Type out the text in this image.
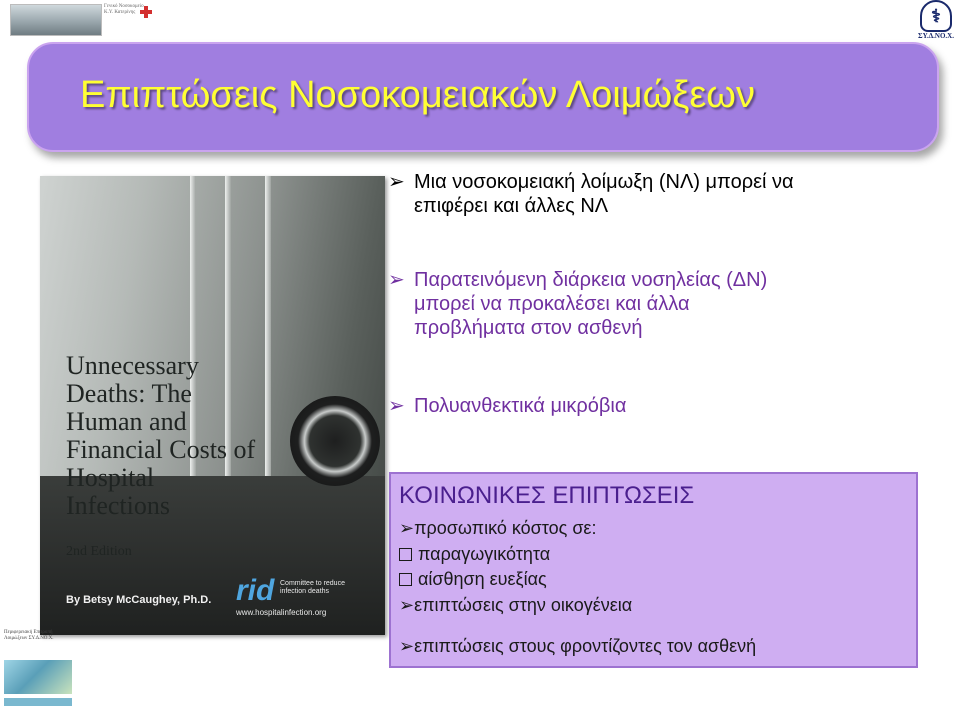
Γενικό Νοσοκομείο Κ.Υ. Κατερίνης	⚕
ΣΥ.Δ.ΝΟ.Χ.
Επιπτώσεις Νοσοκομειακών Λοιμώξεων
Unnecessary Deaths: The Human and Financial Costs of Hospital Infections
2nd Edition
By Betsy McCaughey, Ph.D. rid Committee to reduce infection deaths
www.hospitalinfection.org
➢ Μια νοσοκομειακή λοίμωξη (ΝΛ) μπορεί να
επιφέρει και άλλες ΝΛ
➢ Παρατεινόμενη διάρκεια νοσηλείας (ΔΝ)
μπορεί να προκαλέσει και άλλα
προβλήματα στον ασθενή
➢ Πολυανθεκτικά μικρόβια
ΚΟΙΝΩΝΙΚΕΣ ΕΠΙΠΤΩΣΕΙΣ
➢προσωπικό κόστος σε:
παραγωγικότητα
αίσθηση ευεξίας
➢επιπτώσεις στην οικογένεια
➢επιπτώσεις στους φροντίζοντες τον ασθενή
Περιφερειακή Επιτροπή Λοιμώξεων ΣΥ.Δ.ΝΟ.Χ.
